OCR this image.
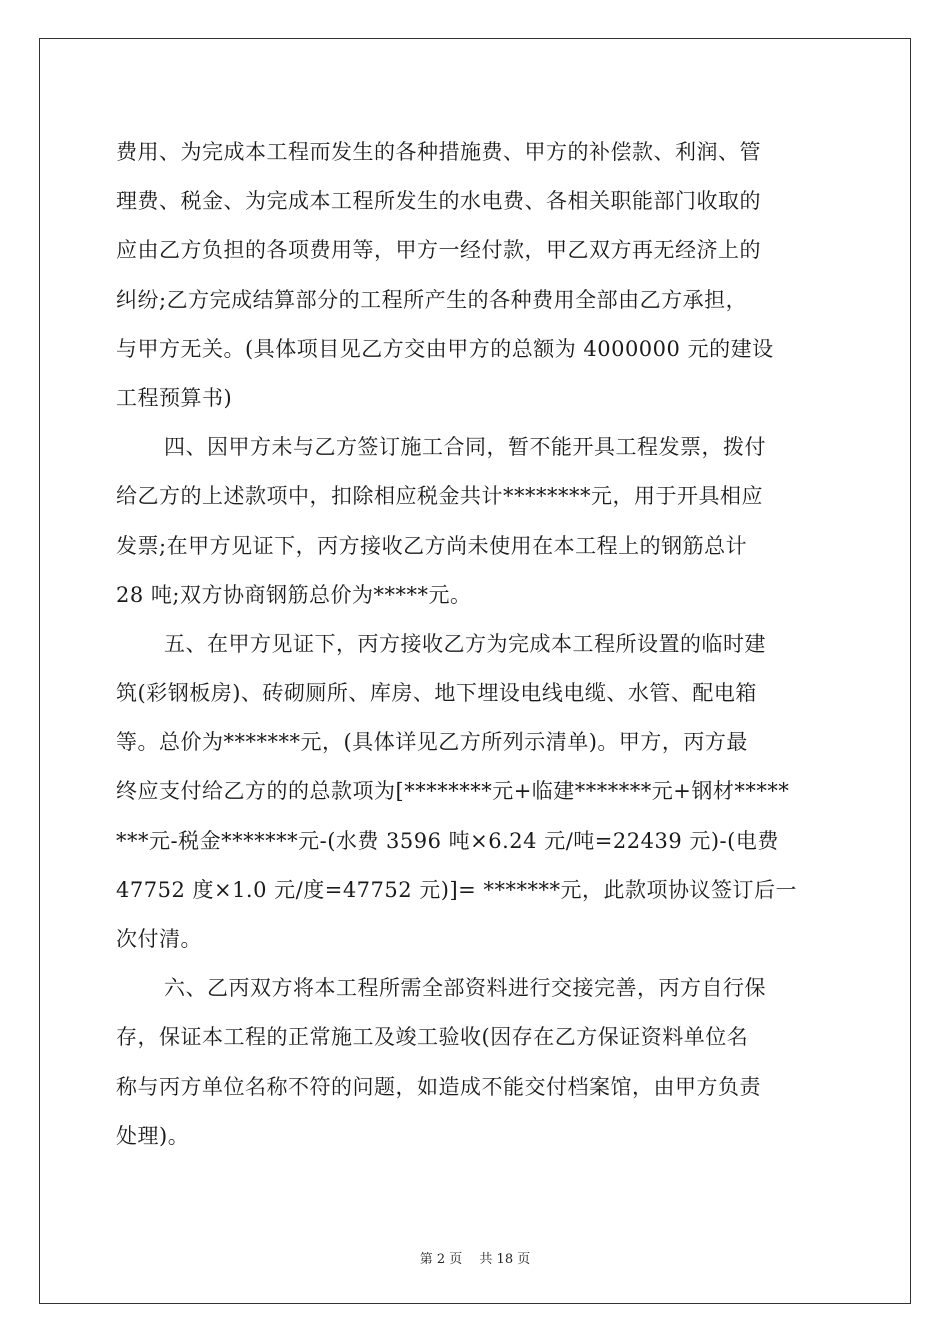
费用、为完成本工程而发生的各种措施费、甲方的补偿款、利润、管
理费、税金、为完成本工程所发生的水电费、各相关职能部门收取的
应由乙方负担的各项费用等，甲方一经付款，甲乙双方再无经济上的
纠纷;乙方完成结算部分的工程所产生的各种费用全部由乙方承担，
与甲方无关。(具体项目见乙方交由甲方的总额为 4000000 元的建设
工程预算书)
四、因甲方未与乙方签订施工合同，暂不能开具工程发票，拨付
给乙方的上述款项中，扣除相应税金共计********元，用于开具相应
发票;在甲方见证下，丙方接收乙方尚未使用在本工程上的钢筋总计
28 吨;双方协商钢筋总价为*****元。
五、在甲方见证下，丙方接收乙方为完成本工程所设置的临时建
筑(彩钢板房)、砖砌厕所、库房、地下埋设电线电缆、水管、配电箱
等。总价为*******元，(具体详见乙方所列示清单)。甲方，丙方最
终应支付给乙方的的总款项为[********元+临建*******元+钢材*****
***元-税金*******元-(水费 3596 吨×6.24 元/吨=22439 元)-(电费
47752 度×1.0 元/度=47752 元)]= *******元，此款项协议签订后一
次付清。
六、乙丙双方将本工程所需全部资料进行交接完善，丙方自行保
存，保证本工程的正常施工及竣工验收(因存在乙方保证资料单位名
称与丙方单位名称不符的问题，如造成不能交付档案馆，由甲方负责
处理)。
第 2 页　 共 18 页
